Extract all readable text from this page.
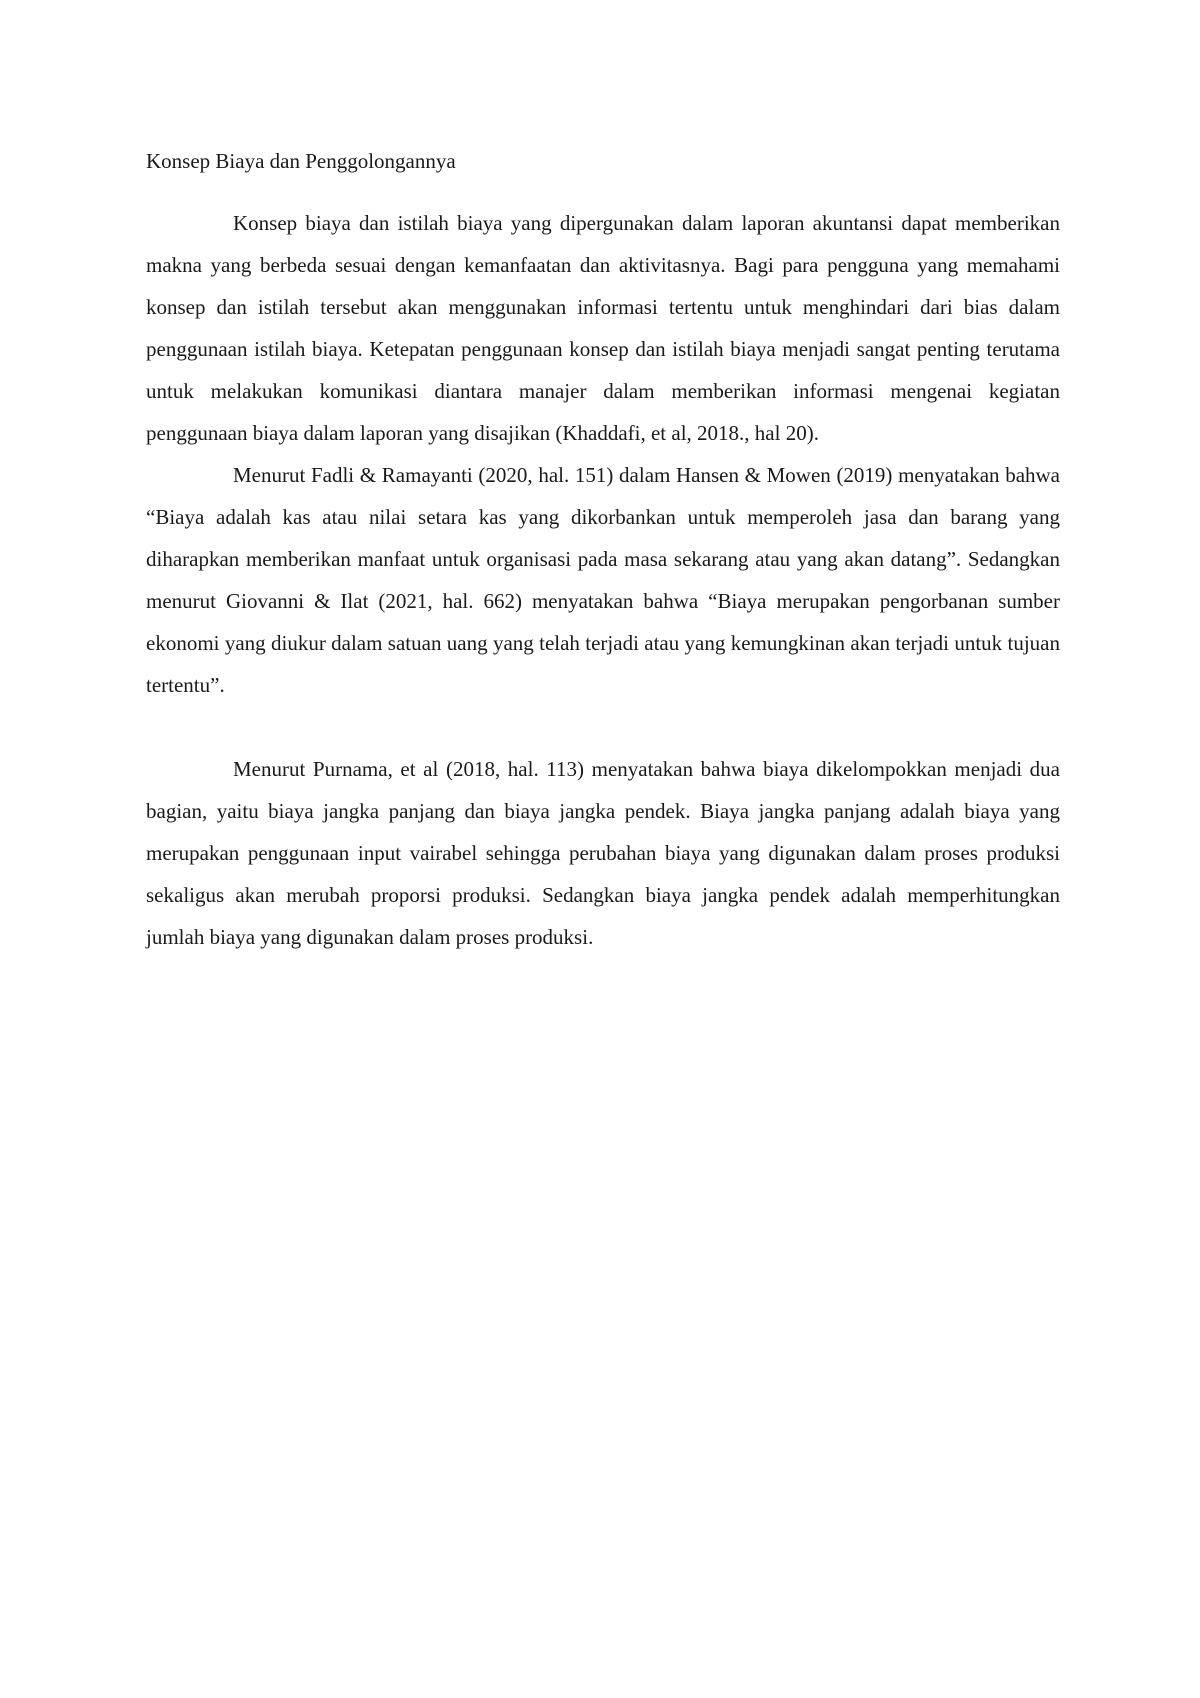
Konsep Biaya dan Penggolongannya

Konsep biaya dan istilah biaya yang dipergunakan dalam laporan akuntansi dapat memberikan makna yang berbeda sesuai dengan kemanfaatan dan aktivitasnya. Bagi para pengguna yang memahami konsep dan istilah tersebut akan menggunakan informasi tertentu untuk menghindari dari bias dalam penggunaan istilah biaya. Ketepatan penggunaan konsep dan istilah biaya menjadi sangat penting terutama untuk melakukan komunikasi diantara manajer dalam memberikan informasi mengenai kegiatan penggunaan biaya dalam laporan yang disajikan (Khaddafi, et al, 2018., hal 20).

Menurut Fadli & Ramayanti (2020, hal. 151) dalam Hansen & Mowen (2019) menyatakan bahwa “Biaya adalah kas atau nilai setara kas yang dikorbankan untuk memperoleh jasa dan barang yang diharapkan memberikan manfaat untuk organisasi pada masa sekarang atau yang akan datang”. Sedangkan menurut Giovanni & Ilat (2021, hal. 662) menyatakan bahwa “Biaya merupakan pengorbanan sumber ekonomi yang diukur dalam satuan uang yang telah terjadi atau yang kemungkinan akan terjadi untuk tujuan tertentu”.

Menurut Purnama, et al (2018, hal. 113) menyatakan bahwa biaya dikelompokkan menjadi dua bagian, yaitu biaya jangka panjang dan biaya jangka pendek. Biaya jangka panjang adalah biaya yang merupakan penggunaan input vairabel sehingga perubahan biaya yang digunakan dalam proses produksi sekaligus akan merubah proporsi produksi. Sedangkan biaya jangka pendek adalah memperhitungkan jumlah biaya yang digunakan dalam proses produksi.
